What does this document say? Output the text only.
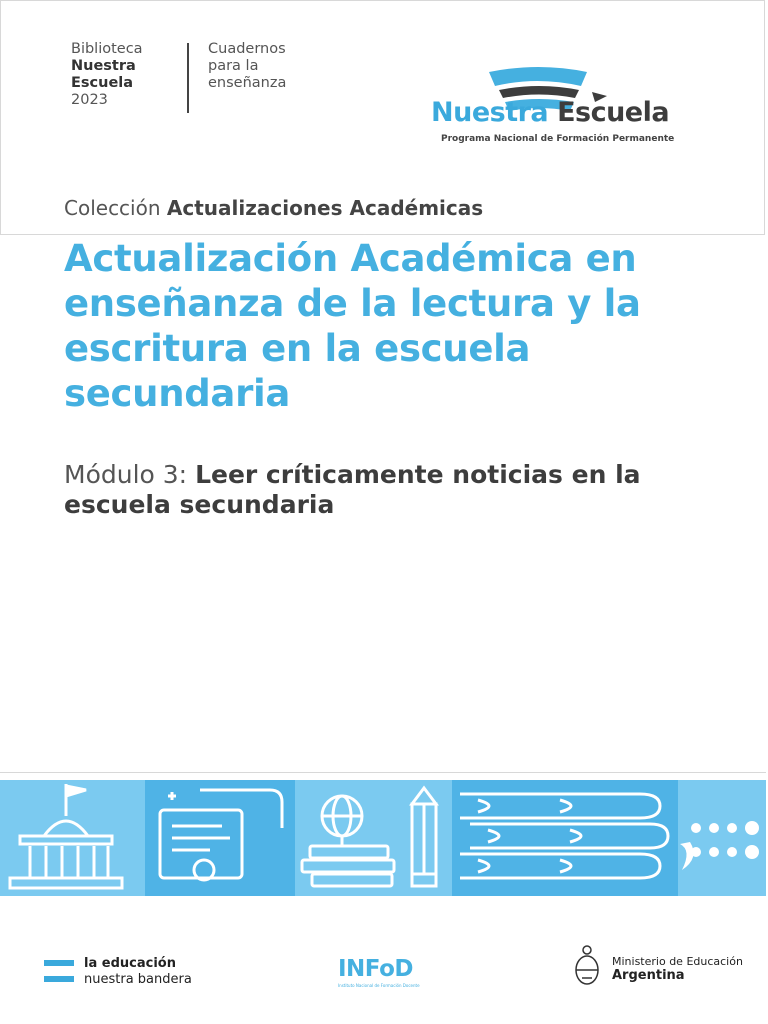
Biblioteca
Nuestra
Escuela
2023
Cuadernos
para la
enseñanza
Nuestra Escuela
Programa Nacional de Formación Permanente
Colección Actualizaciones Académicas
Actualización Académica en
enseñanza de la lectura y la
escritura en la escuela
secundaria
Módulo 3: Leer críticamente noticias en la escuela secundaria
la educación
nuestra bandera	INFoD
Instituto Nacional de Formación Docente
Ministerio de Educación
Argentina
